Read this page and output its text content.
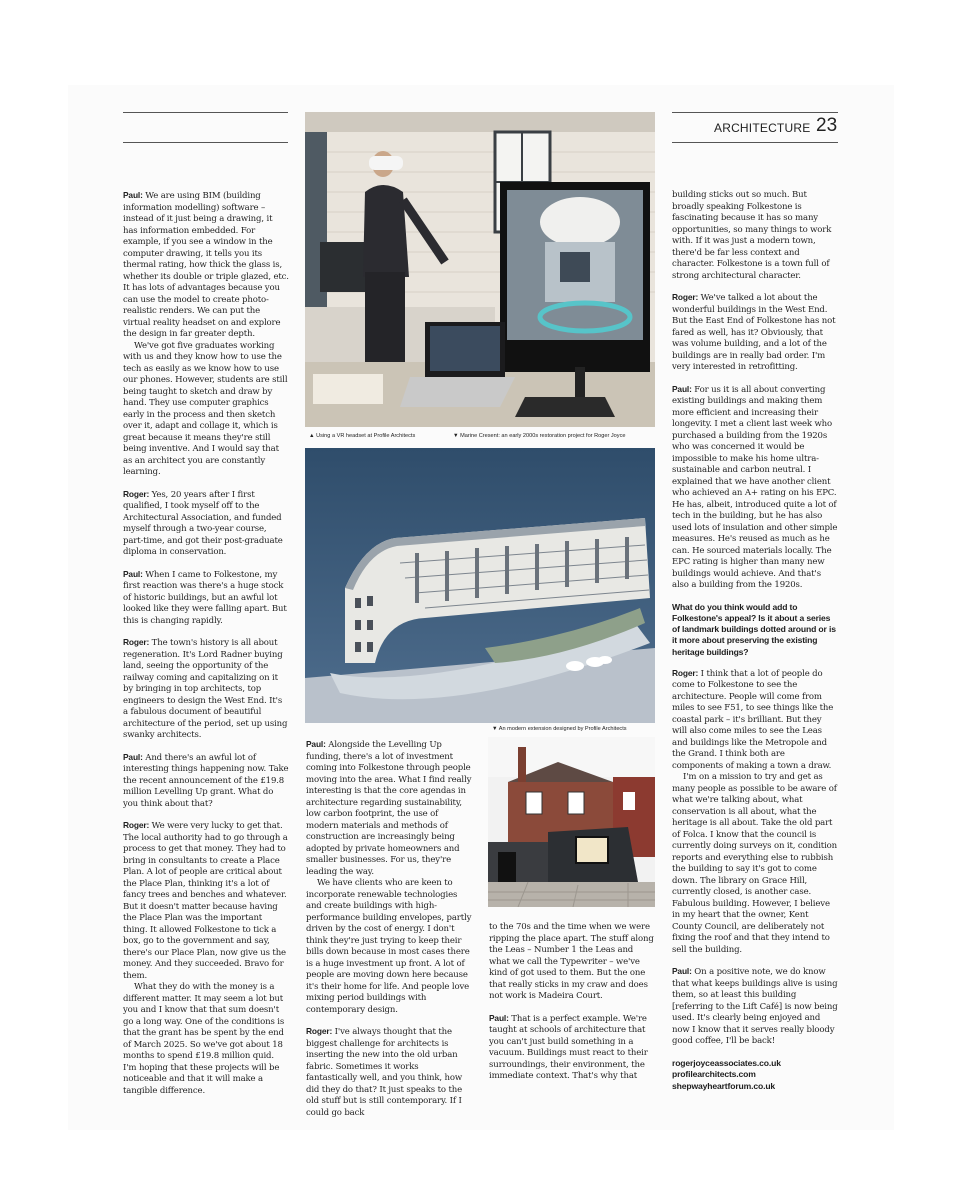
ARCHITECTURE 23
▲ Using a VR headset at Profile Architects	▼ Marine Cresent: an early 2000s restoration project for Roger Joyce
▼ An modern extension designed by Profile Architects

Paul: We are using BIM (building information modelling) software – instead of it just being a drawing, it has information embedded. For example, if you see a window in the computer drawing, it tells you its thermal rating, how thick the glass is, whether its double or triple glazed, etc. It has lots of advantages because you can use the model to create photo-realistic renders. We can put the virtual reality headset on and explore the design in far greater depth.

We've got five graduates working with us and they know how to use the tech as easily as we know how to use our phones. However, students are still being taught to sketch and draw by hand. They use computer graphics early in the process and then sketch over it, adapt and collage it, which is great because it means they're still being inventive. And I would say that as an architect you are constantly learning.

Roger: Yes, 20 years after I first qualified, I took myself off to the Architectural Association, and funded myself through a two-year course, part-time, and got their post-graduate diploma in conservation.

Paul: When I came to Folkestone, my first reaction was there's a huge stock of historic buildings, but an awful lot looked like they were falling apart. But this is changing rapidly.

Roger: The town's history is all about regeneration. It's Lord Radner buying land, seeing the opportunity of the railway coming and capitalizing on it by bringing in top architects, top engineers to design the West End. It's a fabulous document of beautiful architecture of the period, set up using swanky architects.

Paul: And there's an awful lot of interesting things happening now. Take the recent announcement of the £19.8 million Levelling Up grant. What do you think about that?

Roger: We were very lucky to get that. The local authority had to go through a process to get that money. They had to bring in consultants to create a Place Plan. A lot of people are critical about the Place Plan, thinking it's a lot of fancy trees and benches and whatever. But it doesn't matter because having the Place Plan was the important thing. It allowed Folkestone to tick a box, go to the government and say, there's our Place Plan, now give us the money. And they succeeded. Bravo for them.

What they do with the money is a different matter. It may seem a lot but you and I know that that sum doesn't go a long way. One of the conditions is that the grant has be spent by the end of March 2025. So we've got about 18 months to spend £19.8 million quid. I'm hoping that these projects will be noticeable and that it will make a tangible difference.

Paul: Alongside the Levelling Up funding, there's a lot of investment coming into Folkestone through people moving into the area. What I find really interesting is that the core agendas in architecture regarding sustainability, low carbon footprint, the use of modern materials and methods of construction are increasingly being adopted by private homeowners and smaller businesses. For us, they're leading the way.

We have clients who are keen to incorporate renewable technologies and create buildings with high-performance building envelopes, partly driven by the cost of energy. I don't think they're just trying to keep their bills down because in most cases there is a huge investment up front. A lot of people are moving down here because it's their home for life. And people love mixing period buildings with contemporary design.

Roger: I've always thought that the biggest challenge for architects is inserting the new into the old urban fabric. Sometimes it works fantastically well, and you think, how did they do that? It just speaks to the old stuff but is still contemporary. If I could go back

to the 70s and the time when we were ripping the place apart. The stuff along the Leas – Number 1 the Leas and what we call the Typewriter – we've kind of got used to them. But the one that really sticks in my craw and does not work is Madeira Court.

Paul: That is a perfect example. We're taught at schools of architecture that you can't just build something in a vacuum. Buildings must react to their surroundings, their environment, the immediate context. That's why that

building sticks out so much. But broadly speaking Folkestone is fascinating because it has so many opportunities, so many things to work with. If it was just a modern town, there'd be far less context and character. Folkestone is a town full of strong architectural character.

Roger: We've talked a lot about the wonderful buildings in the West End. But the East End of Folkestone has not fared as well, has it? Obviously, that was volume building, and a lot of the buildings are in really bad order. I'm very interested in retrofitting.

Paul: For us it is all about converting existing buildings and making them more efficient and increasing their longevity. I met a client last week who purchased a building from the 1920s who was concerned it would be impossible to make his home ultra-sustainable and carbon neutral. I explained that we have another client who achieved an A+ rating on his EPC. He has, albeit, introduced quite a lot of tech in the building, but he has also used lots of insulation and other simple measures. He's reused as much as he can. He sourced materials locally. The EPC rating is higher than many new buildings would achieve. And that's also a building from the 1920s.

What do you think would add to Folkestone's appeal? Is it about a series of landmark buildings dotted around or is it more about preserving the existing heritage buildings?

Roger: I think that a lot of people do come to Folkestone to see the architecture. People will come from miles to see F51, to see things like the coastal park – it's brilliant. But they will also come miles to see the Leas and buildings like the Metropole and the Grand. I think both are components of making a town a draw.

I'm on a mission to try and get as many people as possible to be aware of what we're talking about, what conservation is all about, what the heritage is all about. Take the old part of Folca. I know that the council is currently doing surveys on it, condition reports and everything else to rubbish the building to say it's got to come down. The library on Grace Hill, currently closed, is another case. Fabulous building. However, I believe in my heart that the owner, Kent County Council, are deliberately not fixing the roof and that they intend to sell the building.

Paul: On a positive note, we do know that what keeps buildings alive is using them, so at least this building [referring to the Lift Café] is now being used. It's clearly being enjoyed and now I know that it serves really bloody good coffee, I'll be back!

rogerjoyceassociates.co.uk
profilearchitects.com
shepwayheartforum.co.uk
